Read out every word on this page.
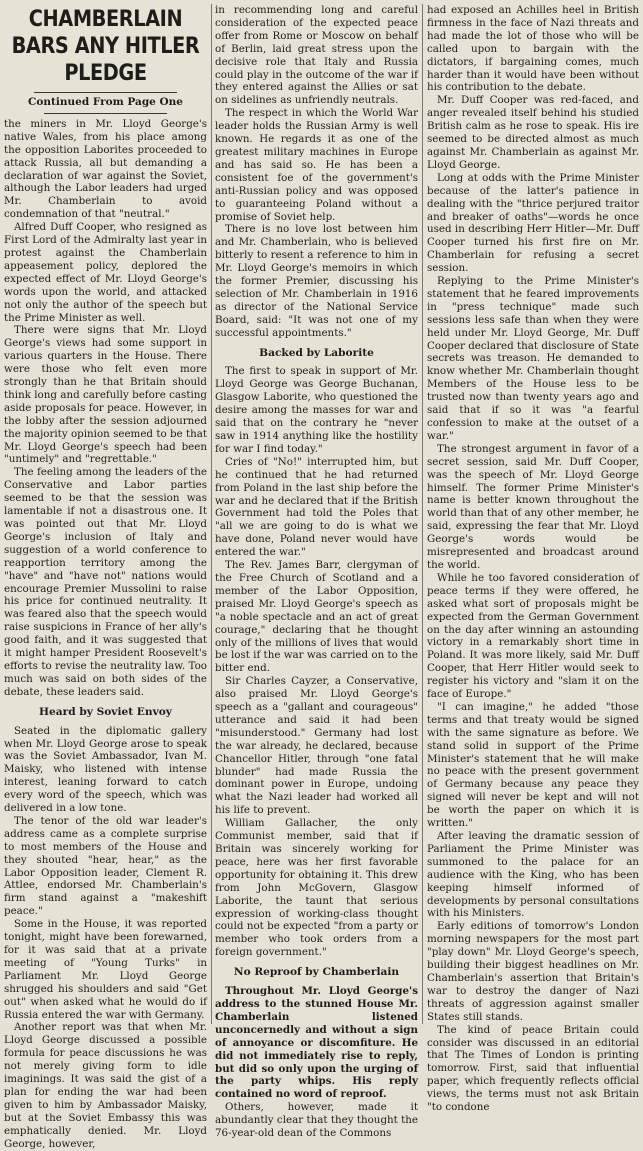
CHAMBERLAIN BARS ANY HITLER PLEDGE
Continued From Page One

the miners in Mr. Lloyd George's native Wales, from his place among the opposition Laborites proceeded to attack Russia, all but demanding a declaration of war against the Soviet, although the Labor leaders had urged Mr. Chamberlain to avoid condemnation of that "neutral."

Alfred Duff Cooper, who resigned as First Lord of the Admiralty last year in protest against the Chamberlain appeasement policy, deplored the expected effect of Mr. Lloyd George's words upon the world, and attacked not only the author of the speech but the Prime Minister as well.

There were signs that Mr. Lloyd George's views had some support in various quarters in the House. There were those who felt even more strongly than he that Britain should think long and carefully before casting aside proposals for peace. However, in the lobby after the session adjourned the majority opinion seemed to be that Mr. Lloyd George's speech had been "untimely" and "regrettable."

The feeling among the leaders of the Conservative and Labor parties seemed to be that the session was lamentable if not a disastrous one. It was pointed out that Mr. Lloyd George's inclusion of Italy and suggestion of a world conference to reapportion territory among the "have" and "have not" nations would encourage Premier Mussolini to raise his price for continued neutrality. It was feared also that the speech would raise suspicions in France of her ally's good faith, and it was suggested that it might hamper President Roosevelt's efforts to revise the neutrality law. Too much was said on both sides of the debate, these leaders said.

Heard by Soviet Envoy

Seated in the diplomatic gallery when Mr. Lloyd George arose to speak was the Soviet Ambassador, Ivan M. Maisky, who listened with intense interest, leaning forward to catch every word of the speech, which was delivered in a low tone.

The tenor of the old war leader's address came as a complete surprise to most members of the House and they shouted "hear, hear," as the Labor Opposition leader, Clement R. Attlee, endorsed Mr. Chamberlain's firm stand against a "makeshift peace."

Some in the House, it was reported tonight, might have been forewarned, for it was said that at a private meeting of "Young Turks" in Parliament Mr. Lloyd George shrugged his shoulders and said "Get out" when asked what he would do if Russia entered the war with Germany.

Another report was that when Mr. Lloyd George discussed a possible formula for peace discussions he was not merely giving form to idle imaginings. It was said the gist of a plan for ending the war had been given to him by Ambassador Maisky, but at the Soviet Embassy this was emphatically denied. Mr. Lloyd George, however,

in recommending long and careful consideration of the expected peace offer from Rome or Moscow on behalf of Berlin, laid great stress upon the decisive role that Italy and Russia could play in the outcome of the war if they entered against the Allies or sat on sidelines as unfriendly neutrals.

The respect in which the World War leader holds the Russian Army is well known. He regards it as one of the greatest military machines in Europe and has said so. He has been a consistent foe of the government's anti-Russian policy and was opposed to guaranteeing Poland without a promise of Soviet help.

There is no love lost between him and Mr. Chamberlain, who is believed bitterly to resent a reference to him in Mr. Lloyd George's memoirs in which the former Premier, discussing his selection of Mr. Chamberlain in 1916 as director of the National Service Board, said: "It was not one of my successful appointments."

Backed by Laborite

The first to speak in support of Mr. Lloyd George was George Buchanan, Glasgow Laborite, who questioned the desire among the masses for war and said that on the contrary he "never saw in 1914 anything like the hostility for war I find today."

Cries of "No!" interrupted him, but he continued that he had returned from Poland in the last ship before the war and he declared that if the British Government had told the Poles that "all we are going to do is what we have done, Poland never would have entered the war."

The Rev. James Barr, clergyman of the Free Church of Scotland and a member of the Labor Opposition, praised Mr. Lloyd George's speech as "a noble spectacle and an act of great courage," declaring that he thought only of the millions of lives that would be lost if the war was carried on to the bitter end.

Sir Charles Cayzer, a Conservative, also praised Mr. Lloyd George's speech as a "gallant and courageous" utterance and said it had been "misunderstood." Germany had lost the war already, he declared, because Chancellor Hitler, through "one fatal blunder" had made Russia the dominant power in Europe, undoing what the Nazi leader had worked all his life to prevent.

William Gallacher, the only Communist member, said that if Britain was sincerely working for peace, here was her first favorable opportunity for obtaining it. This drew from John McGovern, Glasgow Laborite, the taunt that serious expression of working-class thought could not be expected "from a party or member who took orders from a foreign government."

No Reproof by Chamberlain

Throughout Mr. Lloyd George's address to the stunned House Mr. Chamberlain listened unconcernedly and without a sign of annoyance or discomfiture. He did not immediately rise to reply, but did so only upon the urging of the party whips. His reply contained no word of reproof.

Others, however, made it abundantly clear that they thought the 76-year-old dean of the Commons

had exposed an Achilles heel in British firmness in the face of Nazi threats and had made the lot of those who will be called upon to bargain with the dictators, if bargaining comes, much harder than it would have been without his contribution to the debate.

Mr. Duff Cooper was red-faced, and anger revealed itself behind his studied British calm as he rose to speak. His ire seemed to be directed almost as much against Mr. Chamberlain as against Mr. Lloyd George.

Long at odds with the Prime Minister because of the latter's patience in dealing with the "thrice perjured traitor and breaker of oaths"—words he once used in describing Herr Hitler—Mr. Duff Cooper turned his first fire on Mr. Chamberlain for refusing a secret session.

Replying to the Prime Minister's statement that he feared improvements in "press technique" made such sessions less safe than when they were held under Mr. Lloyd George, Mr. Duff Cooper declared that disclosure of State secrets was treason. He demanded to know whether Mr. Chamberlain thought Members of the House less to be trusted now than twenty years ago and said that if so it was "a fearful confession to make at the outset of a war."

The strongest argument in favor of a secret session, said Mr. Duff Cooper, was the speech of Mr. Lloyd George himself. The former Prime Minister's name is better known throughout the world than that of any other member, he said, expressing the fear that Mr. Lloyd George's words would be misrepresented and broadcast around the world.

While he too favored consideration of peace terms if they were offered, he asked what sort of proposals might be expected from the German Government on the day after winning an astounding victory in a remarkably short time in Poland. It was more likely, said Mr. Duff Cooper, that Herr Hitler would seek to register his victory and "slam it on the face of Europe."

"I can imagine," he added "those terms and that treaty would be signed with the same signature as before. We stand solid in support of the Prime Minister's statement that he will make no peace with the present government of Germany because any peace they signed will never be kept and will not be worth the paper on which it is written."

After leaving the dramatic session of Parliament the Prime Minister was summoned to the palace for an audience with the King, who has been keeping himself informed of developments by personal consultations with his Ministers.

Early editions of tomorrow's London morning newspapers for the most part "play down" Mr. Lloyd George's speech, building their biggest headlines on Mr. Chamberlain's assertion that Britain's war to destroy the danger of Nazi threats of aggression against smaller States still stands.

The kind of peace Britain could consider was discussed in an editorial that The Times of London is printing tomorrow. First, said that influential paper, which frequently reflects official views, the terms must not ask Britain "to condone
